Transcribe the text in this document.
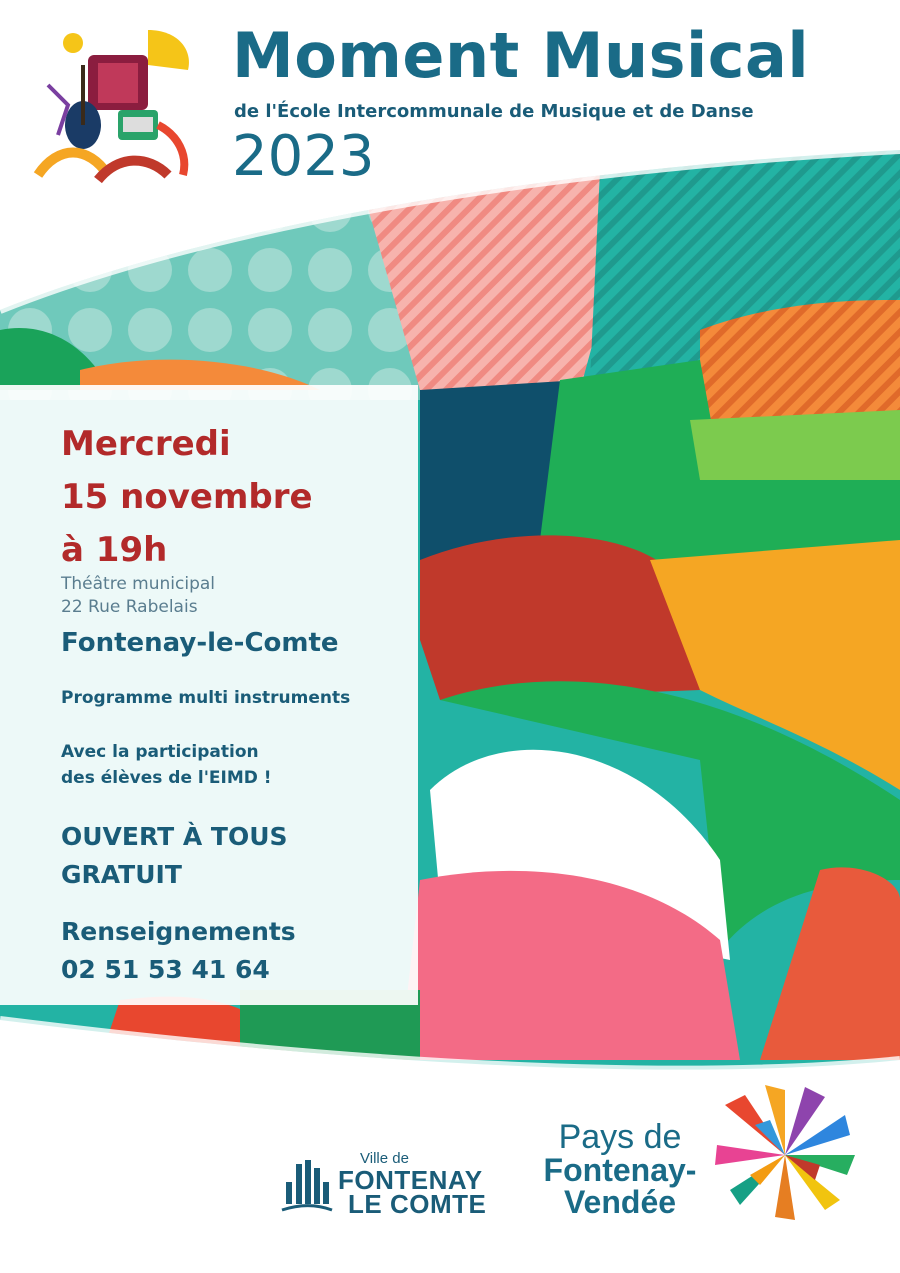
Moment Musical

de l'École Intercommunale de Musique et de Danse

2023

Mercredi
15 novembre
à 19h
Théâtre municipal
22 Rue Rabelais
Fontenay-le-Comte
Programme multi instruments
Avec la participation
des élèves de l'EIMD !
OUVERT À TOUS
GRATUIT
Renseignements
02 51 53 41 64
Ville de
FONTENAY
LE COMTE
Pays de
Fontenay-
Vendée
